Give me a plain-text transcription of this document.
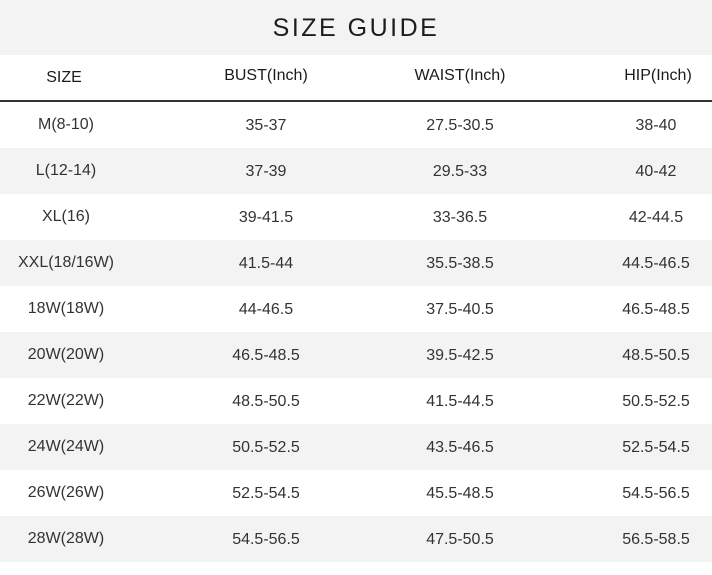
SIZE GUIDE
SIZE	BUST(Inch)	WAIST(Inch)	HIP(Inch)
M(8-10)	35-37	27.5-30.5	38-40
L(12-14)	37-39	29.5-33	40-42
XL(16)	39-41.5	33-36.5	42-44.5
XXL(18/16W)	41.5-44	35.5-38.5	44.5-46.5
18W(18W)	44-46.5	37.5-40.5	46.5-48.5
20W(20W)	46.5-48.5	39.5-42.5	48.5-50.5
22W(22W)	48.5-50.5	41.5-44.5	50.5-52.5
24W(24W)	50.5-52.5	43.5-46.5	52.5-54.5
26W(26W)	52.5-54.5	45.5-48.5	54.5-56.5
28W(28W)	54.5-56.5	47.5-50.5	56.5-58.5
